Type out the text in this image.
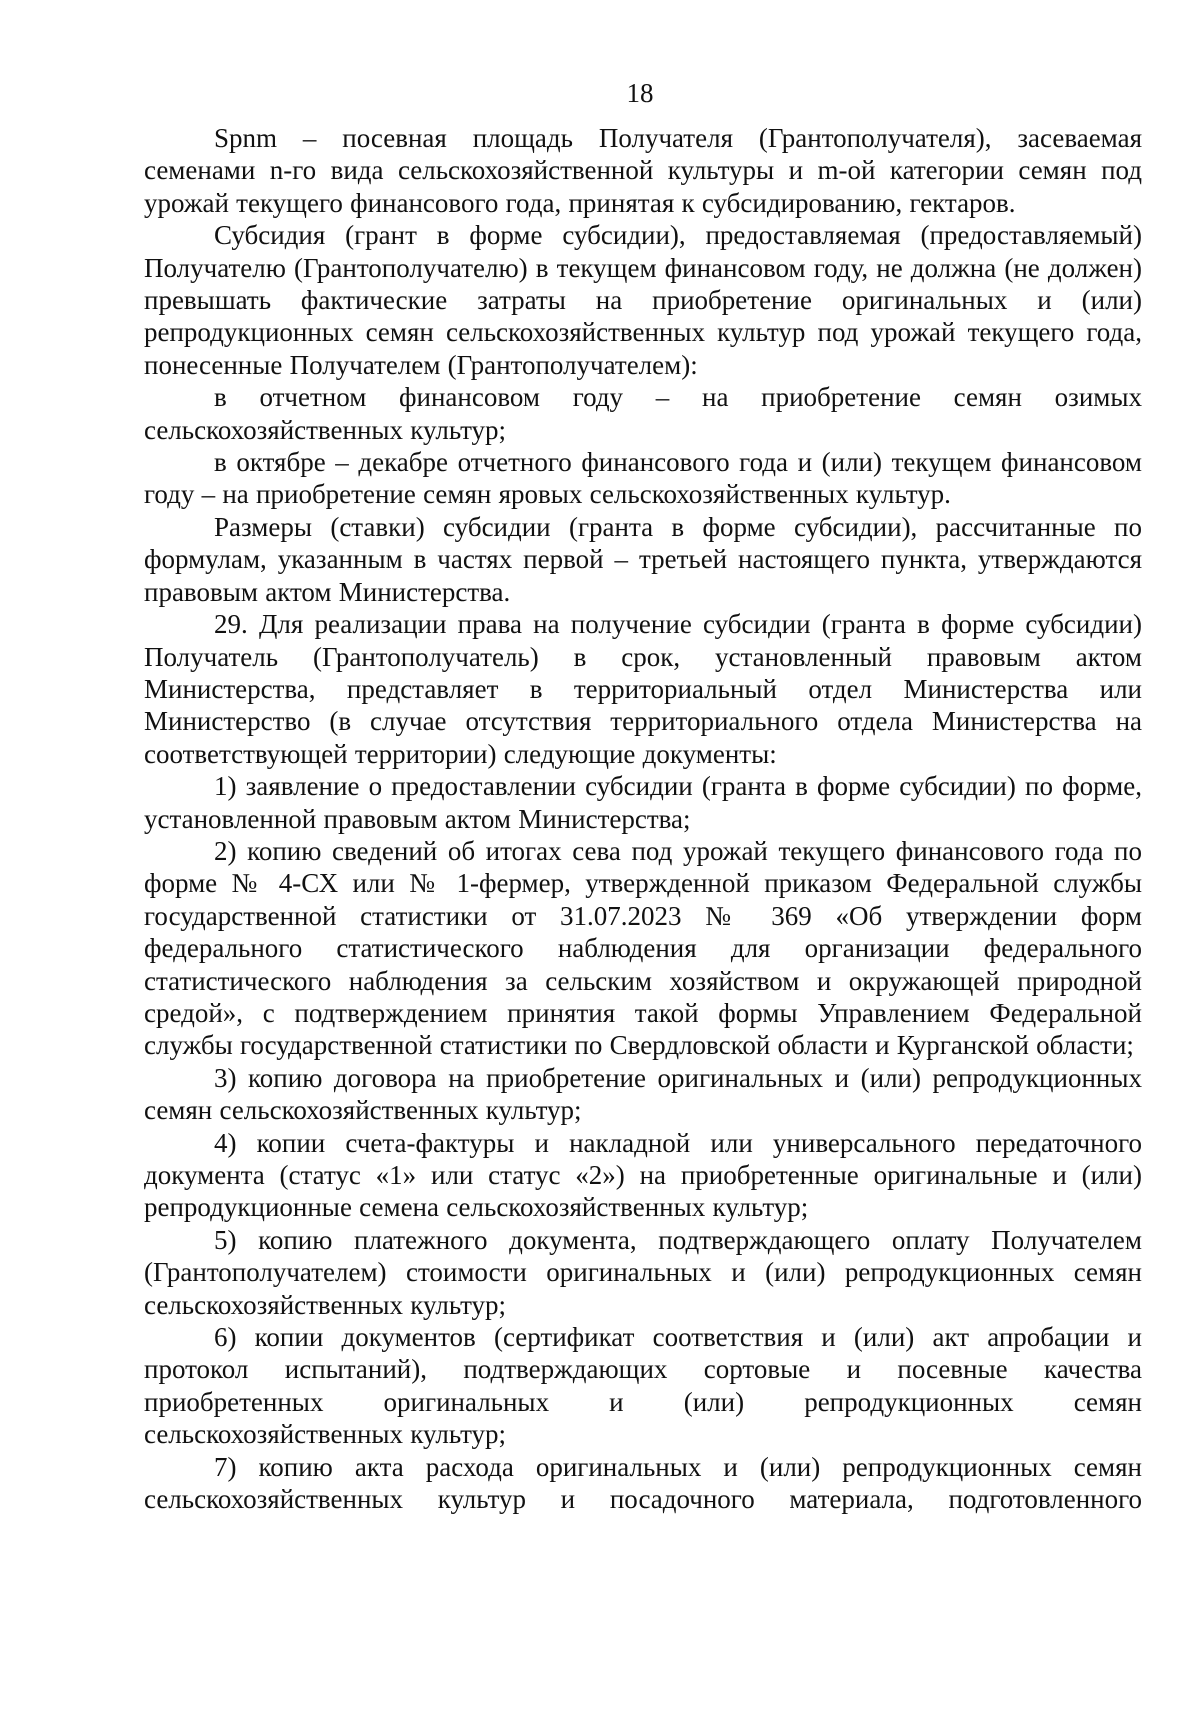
18

Spnm – посевная площадь Получателя (Грантополучателя), засеваемая семенами n-го вида сельскохозяйственной культуры и m-ой категории семян под урожай текущего финансового года, принятая к субсидированию, гектаров.

Субсидия (грант в форме субсидии), предоставляемая (предоставляемый) Получателю (Грантополучателю) в текущем финансовом году, не должна (не должен) превышать фактические затраты на приобретение оригинальных и (или) репродукционных семян сельскохозяйственных культур под урожай текущего года, понесенные Получателем (Грантополучателем):

в отчетном финансовом году – на приобретение семян озимых сельскохозяйственных культур;

в октябре – декабре отчетного финансового года и (или) текущем финансовом году – на приобретение семян яровых сельскохозяйственных культур.

Размеры (ставки) субсидии (гранта в форме субсидии), рассчитанные по формулам, указанным в частях первой – третьей настоящего пункта, утверждаются правовым актом Министерства.

29. Для реализации права на получение субсидии (гранта в форме субсидии) Получатель (Грантополучатель) в срок, установленный правовым актом Министерства, представляет в территориальный отдел Министерства или Министерство (в случае отсутствия территориального отдела Министерства на соответствующей территории) следующие документы:

1) заявление о предоставлении субсидии (гранта в форме субсидии) по форме, установленной правовым актом Министерства;

2) копию сведений об итогах сева под урожай текущего финансового года по форме № 4-СХ или № 1-фермер, утвержденной приказом Федеральной службы государственной статистики от 31.07.2023 № 369 «Об утверждении форм федерального статистического наблюдения для организации федерального статистического наблюдения за сельским хозяйством и окружающей природной средой», с подтверждением принятия такой формы Управлением Федеральной службы государственной статистики по Свердловской области и Курганской области;

3) копию договора на приобретение оригинальных и (или) репродукционных семян сельскохозяйственных культур;

4) копии счета-фактуры и накладной или универсального передаточного документа (статус «1» или статус «2») на приобретенные оригинальные и (или) репродукционные семена сельскохозяйственных культур;

5) копию платежного документа, подтверждающего оплату Получателем (Грантополучателем) стоимости оригинальных и (или) репродукционных семян сельскохозяйственных культур;

6) копии документов (сертификат соответствия и (или) акт апробации и протокол испытаний), подтверждающих сортовые и посевные качества приобретенных оригинальных и (или) репродукционных семян сельскохозяйственных культур;

7) копию акта расхода оригинальных и (или) репродукционных семян сельскохозяйственных культур и посадочного материала, подготовленного
